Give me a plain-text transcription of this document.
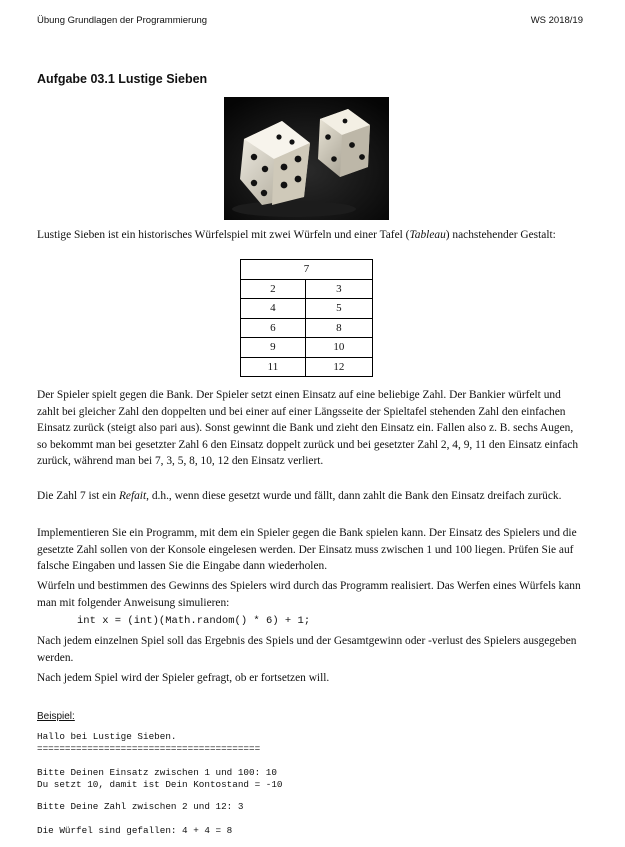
Übung Grundlagen der Programmierung	WS 2018/19
Aufgabe 03.1 Lustige Sieben

Lustige Sieben ist ein historisches Würfelspiel mit zwei Würfeln und einer Tafel (Tableau) nachstehender Gestalt:

7	
2	3
4	5
6	8
9	10
11	12

Der Spieler spielt gegen die Bank. Der Spieler setzt einen Einsatz auf eine beliebige Zahl. Der Bankier würfelt und zahlt bei gleicher Zahl den doppelten und bei einer auf einer Längsseite der Spieltafel stehenden Zahl den einfachen Einsatz zurück (steigt also pari aus). Sonst gewinnt die Bank und zieht den Einsatz ein. Fallen also z. B. sechs Augen, so bekommt man bei gesetzter Zahl 6 den Einsatz doppelt zurück und bei gesetzter Zahl 2, 4, 9, 11 den Einsatz einfach zurück, während man bei 7, 3, 5, 8, 10, 12 den Einsatz verliert.

Die Zahl 7 ist ein Refait, d.h., wenn diese gesetzt wurde und fällt, dann zahlt die Bank den Einsatz dreifach zurück.

Implementieren Sie ein Programm, mit dem ein Spieler gegen die Bank spielen kann. Der Einsatz des Spielers und die gesetzte Zahl sollen von der Konsole eingelesen werden. Der Einsatz muss zwischen 1 und 100 liegen. Prüfen Sie auf falsche Eingaben und lassen Sie die Eingabe dann wiederholen.

Würfeln und bestimmen des Gewinns des Spielers wird durch das Programm realisiert. Das Werfen eines Würfels kann man mit folgender Anweisung simulieren:

int x = (int)(Math.random() * 6) + 1;

Nach jedem einzelnen Spiel soll das Ergebnis des Spiels und der Gesamtgewinn oder -verlust des Spielers ausgegeben werden.

Nach jedem Spiel wird der Spieler gefragt, ob er fortsetzen will.

Beispiel:
Hallo bei Lustige Sieben.
========================================
Bitte Deinen Einsatz zwischen 1 und 100: 10
Du setzt 10, damit ist Dein Kontostand = -10
Bitte Deine Zahl zwischen 2 und 12: 3
Die Würfel sind gefallen: 4 + 4 = 8
